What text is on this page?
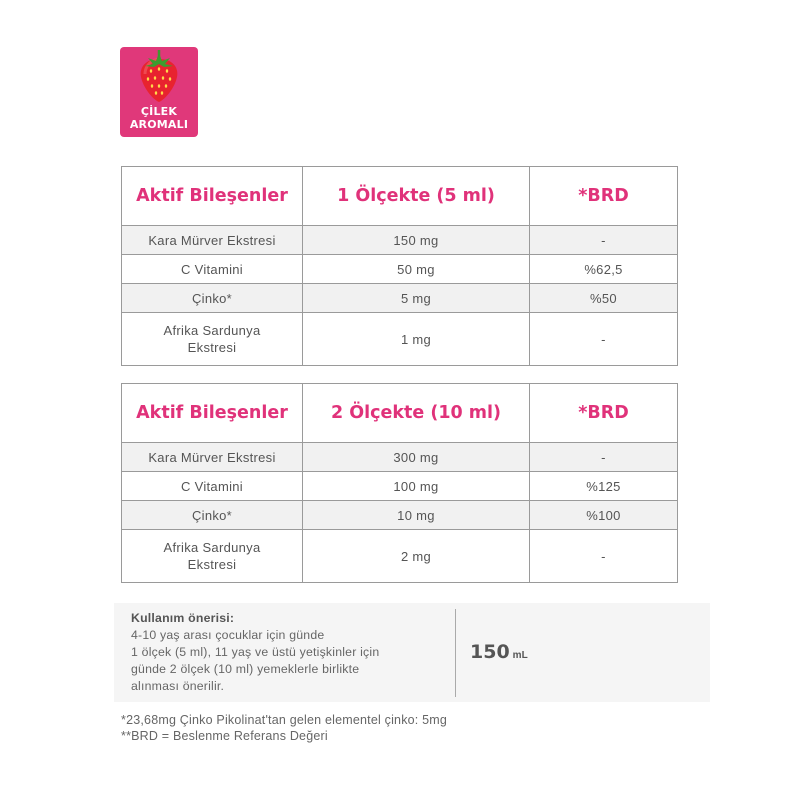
ÇİLEK
AROMALI
Aktif Bileşenler	1 Ölçekte (5 ml)	*BRD
Kara Mürver Ekstresi	150 mg	-
C Vitamini	50 mg	%62,5
Çinko*	5 mg	%50

Afrika Sardunya
Ekstresi	1 mg	-
Aktif Bileşenler	2 Ölçekte (10 ml)	*BRD
Kara Mürver Ekstresi	300 mg	-
C Vitamini	100 mg	%125
Çinko*	10 mg	%100

Afrika Sardunya
Ekstresi	2 mg	-
Kullanım önerisi:
4-10 yaş arası çocuklar için günde
1 ölçek (5 ml), 11 yaş ve üstü yetişkinler için
günde 2 ölçek (10 ml) yemeklerle birlikte
alınması önerilir.
150 mL
*23,68mg Çinko Pikolinat'tan gelen elementel çinko: 5mg
**BRD = Beslenme Referans Değeri
